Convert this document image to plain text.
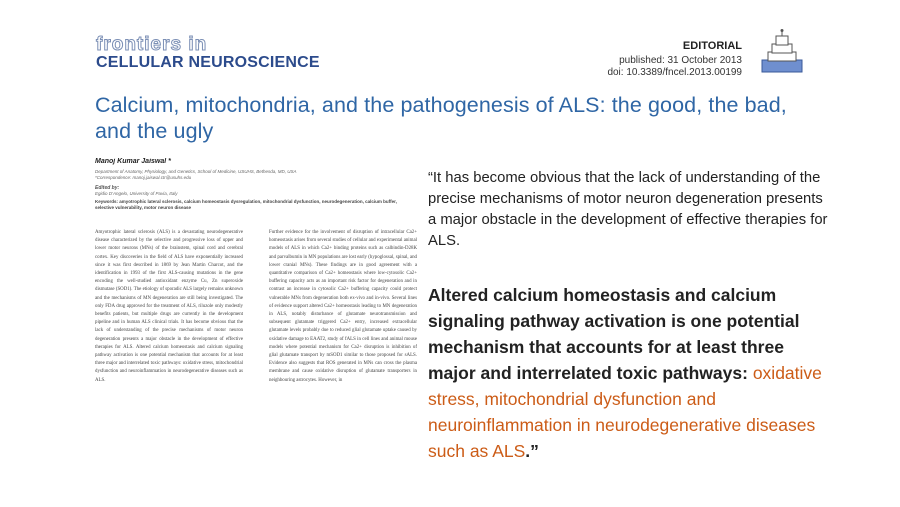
frontiers in
CELLULAR NEUROSCIENCE
EDITORIAL
published: 31 October 2013
doi: 10.3389/fncel.2013.00199
Calcium, mitochondria, and the pathogenesis of ALS: the good, the bad, and the ugly
Manoj Kumar Jaiswal *
Department of Anatomy, Physiology, and Genetics, School of Medicine, USUHS, Bethesda, MD, USA
*Correspondence: manoj.jaiswal.ctr@usuhs.edu
Edited by:
Egidio D’Angelo, University of Pavia, Italy
Keywords: amyotrophic lateral sclerosis, calcium homeostasis dysregulation, mitochondrial dysfunction, neurodegeneration, calcium buffer, selective vulnerability, motor neuron disease
Amyotrophic lateral sclerosis (ALS) is a devastating neurodegenerative disease characterized by the selective and progressive loss of upper and lower motor neurons (MNs) of the brainstem, spinal cord and cerebral cortex. Key discoveries in the field of ALS have exponentially increased since it was first described in 1869 by Jean Martin Charcot, and the identification in 1993 of the first ALS-causing mutations in the gene encoding the well-studied antioxidant enzyme Cu, Zn superoxide dismutase (SOD1). The etiology of sporadic ALS largely remains unknown and the mechanisms of MN degeneration are still being investigated. The only FDA drug approved for the treatment of ALS, riluzole only modestly benefits patients, but multiple drugs are currently in the development pipeline and in human ALS clinical trials. It has become obvious that the lack of understanding of the precise mechanisms of motor neuron degeneration presents a major obstacle in the development of effective therapies for ALS. Altered calcium homeostasis and calcium signaling pathway activation is one potential mechanism that accounts for at least three major and interrelated toxic pathways: oxidative stress, mitochondrial dysfunction and neuroinflammation in neurodegenerative diseases such as ALS.
Further evidence for the involvement of disruption of intracellular Ca2+ homeostasis arises from several studies of cellular and experimental animal models of ALS in which Ca2+ binding proteins such as calbindin-D28K and parvalbumin in MN populations are lost early (hypoglossal, spinal, and lower cranial MNs). These findings are in good agreement with a quantitative comparison of Ca2+ homeostasis where low-cytosolic Ca2+ buffering capacity acts as an important risk factor for degeneration and in contrast an increase in cytosolic Ca2+ buffering capacity could protect vulnerable MNs from degeneration both ex-vivo and in-vivo. Several lines of evidence support altered Ca2+ homeostasis leading to MN degeneration in ALS, notably disturbance of glutamate neurotransmission and subsequent glutamate triggered Ca2+ entry, increased extracellular glutamate levels probably due to reduced glial glutamate uptake caused by oxidative damage to EAAT2, study of fALS in cell lines and animal mouse models where potential mechanism for Ca2+ disruption is inhibition of glial glutamate transport by mSOD1 similar to those proposed for sALS. Evidence also suggests that ROS generated in MNs can cross the plasma membrane and cause oxidative disruption of glutamate transporters in neighbouring astrocytes. However, in
“It has become obvious that the lack of understanding of the precise mechanisms of motor neuron degeneration presents a major obstacle in the development of effective therapies for ALS.
Altered calcium homeostasis and calcium signaling pathway activation is one potential mechanism that accounts for at least three major and interrelated toxic pathways: oxidative stress, mitochondrial dysfunction and neuroinflammation in neurodegenerative diseases such as ALS.”
